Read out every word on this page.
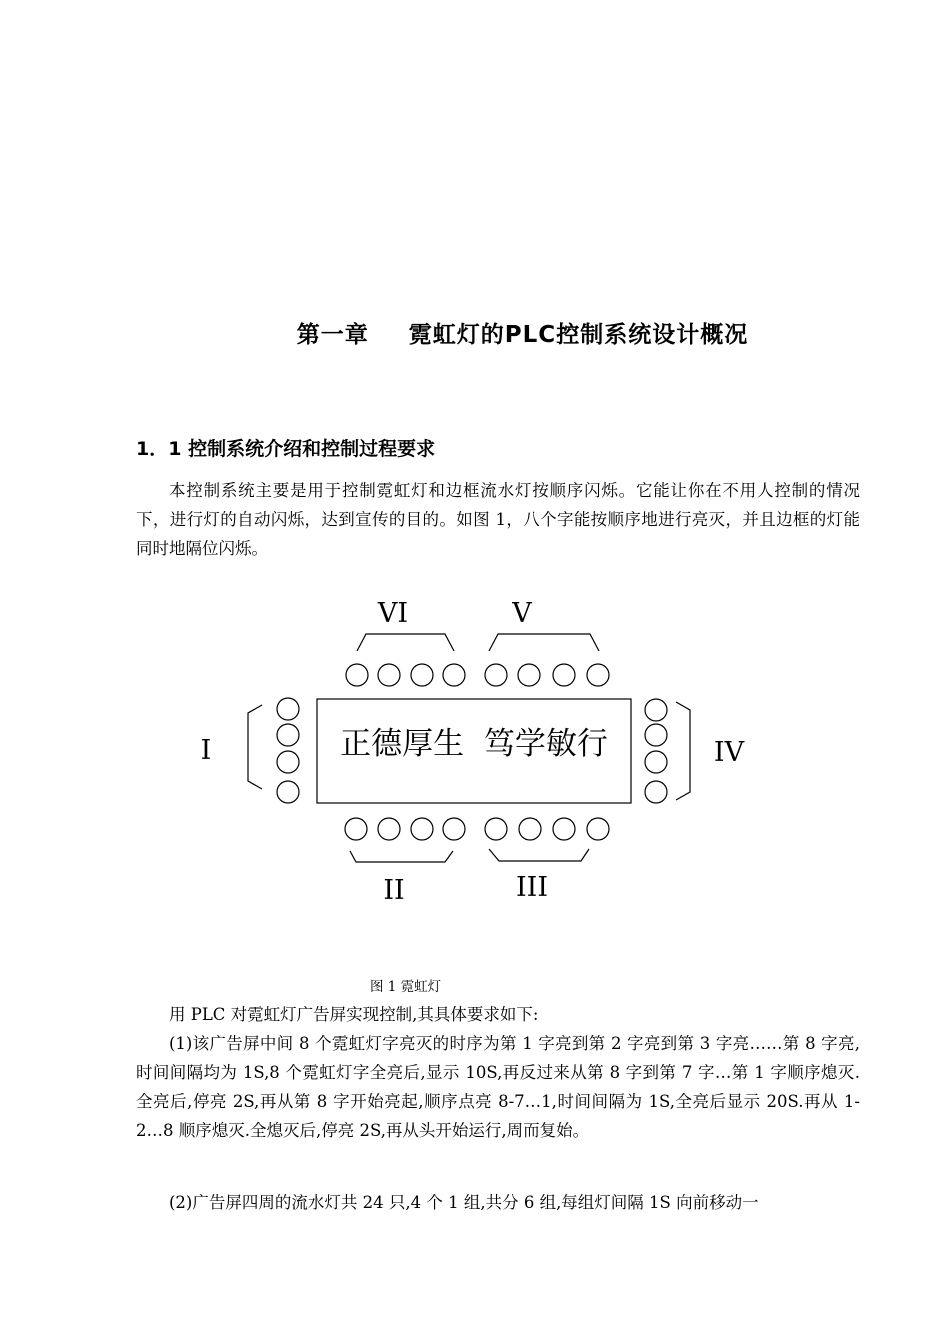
第一章 霓虹灯的PLC控制系统设计概况
1．1 控制系统介绍和控制过程要求
本控制系统主要是用于控制霓虹灯和边框流水灯按顺序闪烁。它能让你在不用人控制的情况下，进行灯的自动闪烁，达到宣传的目的。如图 1，八个字能按顺序地进行亮灭，并且边框的灯能同时地隔位闪烁。
正德厚生  笃学敏行
VI	V
I	IV
II	III
图 1 霓虹灯
用 PLC 对霓虹灯广告屏实现控制,其具体要求如下:
(1)该广告屏中间 8 个霓虹灯字亮灭的时序为第 1 字亮到第 2 字亮到第 3 字亮……第 8 字亮,时间间隔均为 1S,8 个霓虹灯字全亮后,显示 10S,再反过来从第 8 字到第 7 字…第 1 字顺序熄灭.全亮后,停亮 2S,再从第 8 字开始亮起,顺序点亮 8-7…1,时间间隔为 1S,全亮后显示 20S.再从 1-2…8 顺序熄灭.全熄灭后,停亮 2S,再从头开始运行,周而复始。
(2)广告屏四周的流水灯共 24 只,4 个 1 组,共分 6 组,每组灯间隔 1S 向前移动一
